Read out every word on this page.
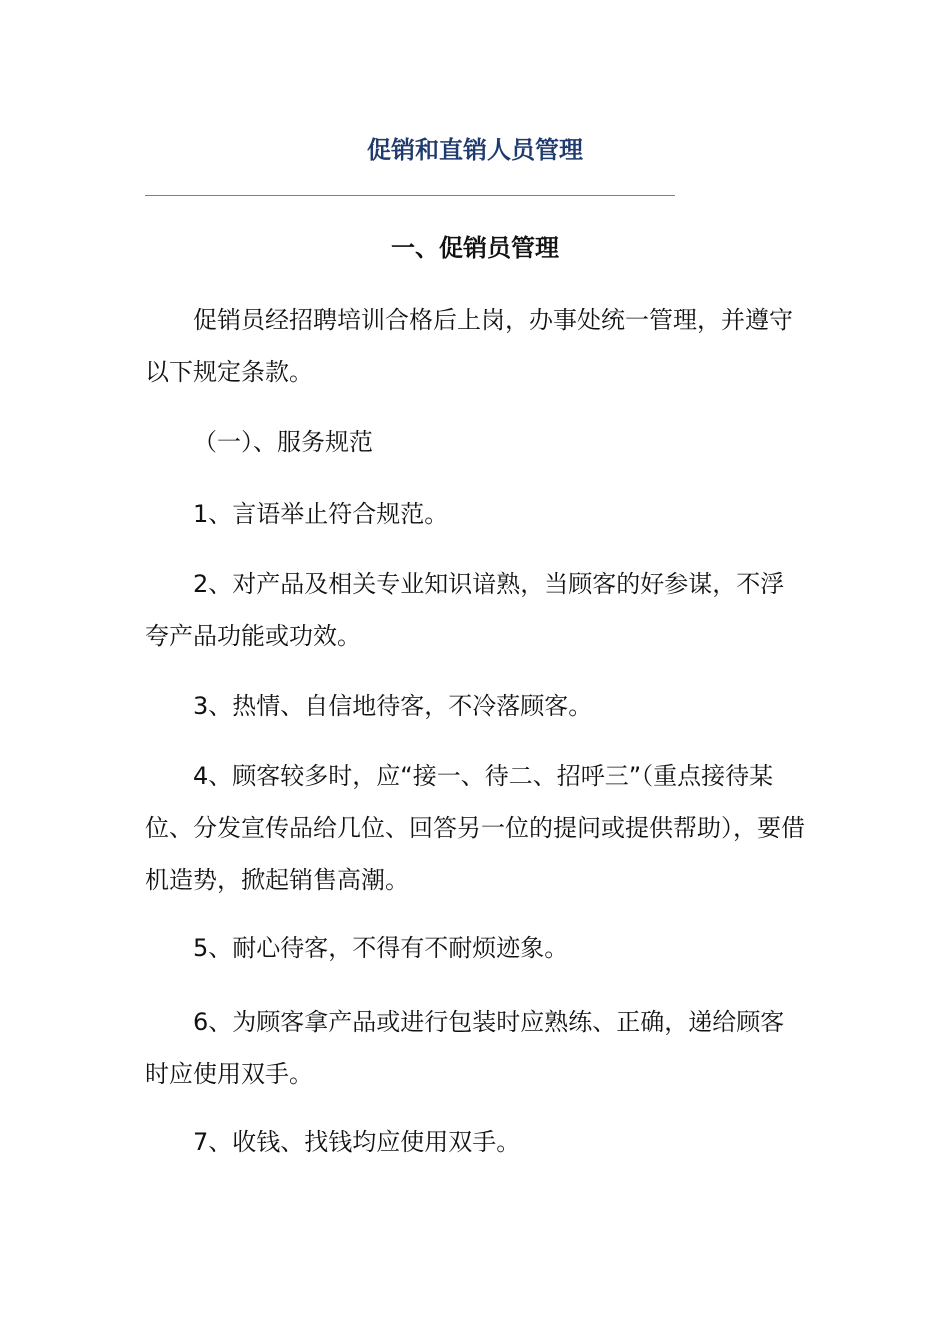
促销和直销人员管理
一、促销员管理

促销员经招聘培训合格后上岗，办事处统一管理，并遵守以下规定条款。

（一）、服务规范

1、言语举止符合规范。

2、对产品及相关专业知识谙熟，当顾客的好参谋，不浮夸产品功能或功效。

3、热情、自信地待客，不冷落顾客。

4、顾客较多时，应“接一、待二、招呼三”（重点接待某位、分发宣传品给几位、回答另一位的提问或提供帮助），要借机造势，掀起销售高潮。

5、耐心待客，不得有不耐烦迹象。

6、为顾客拿产品或进行包装时应熟练、正确，递给顾客时应使用双手。

7、收钱、找钱均应使用双手。
